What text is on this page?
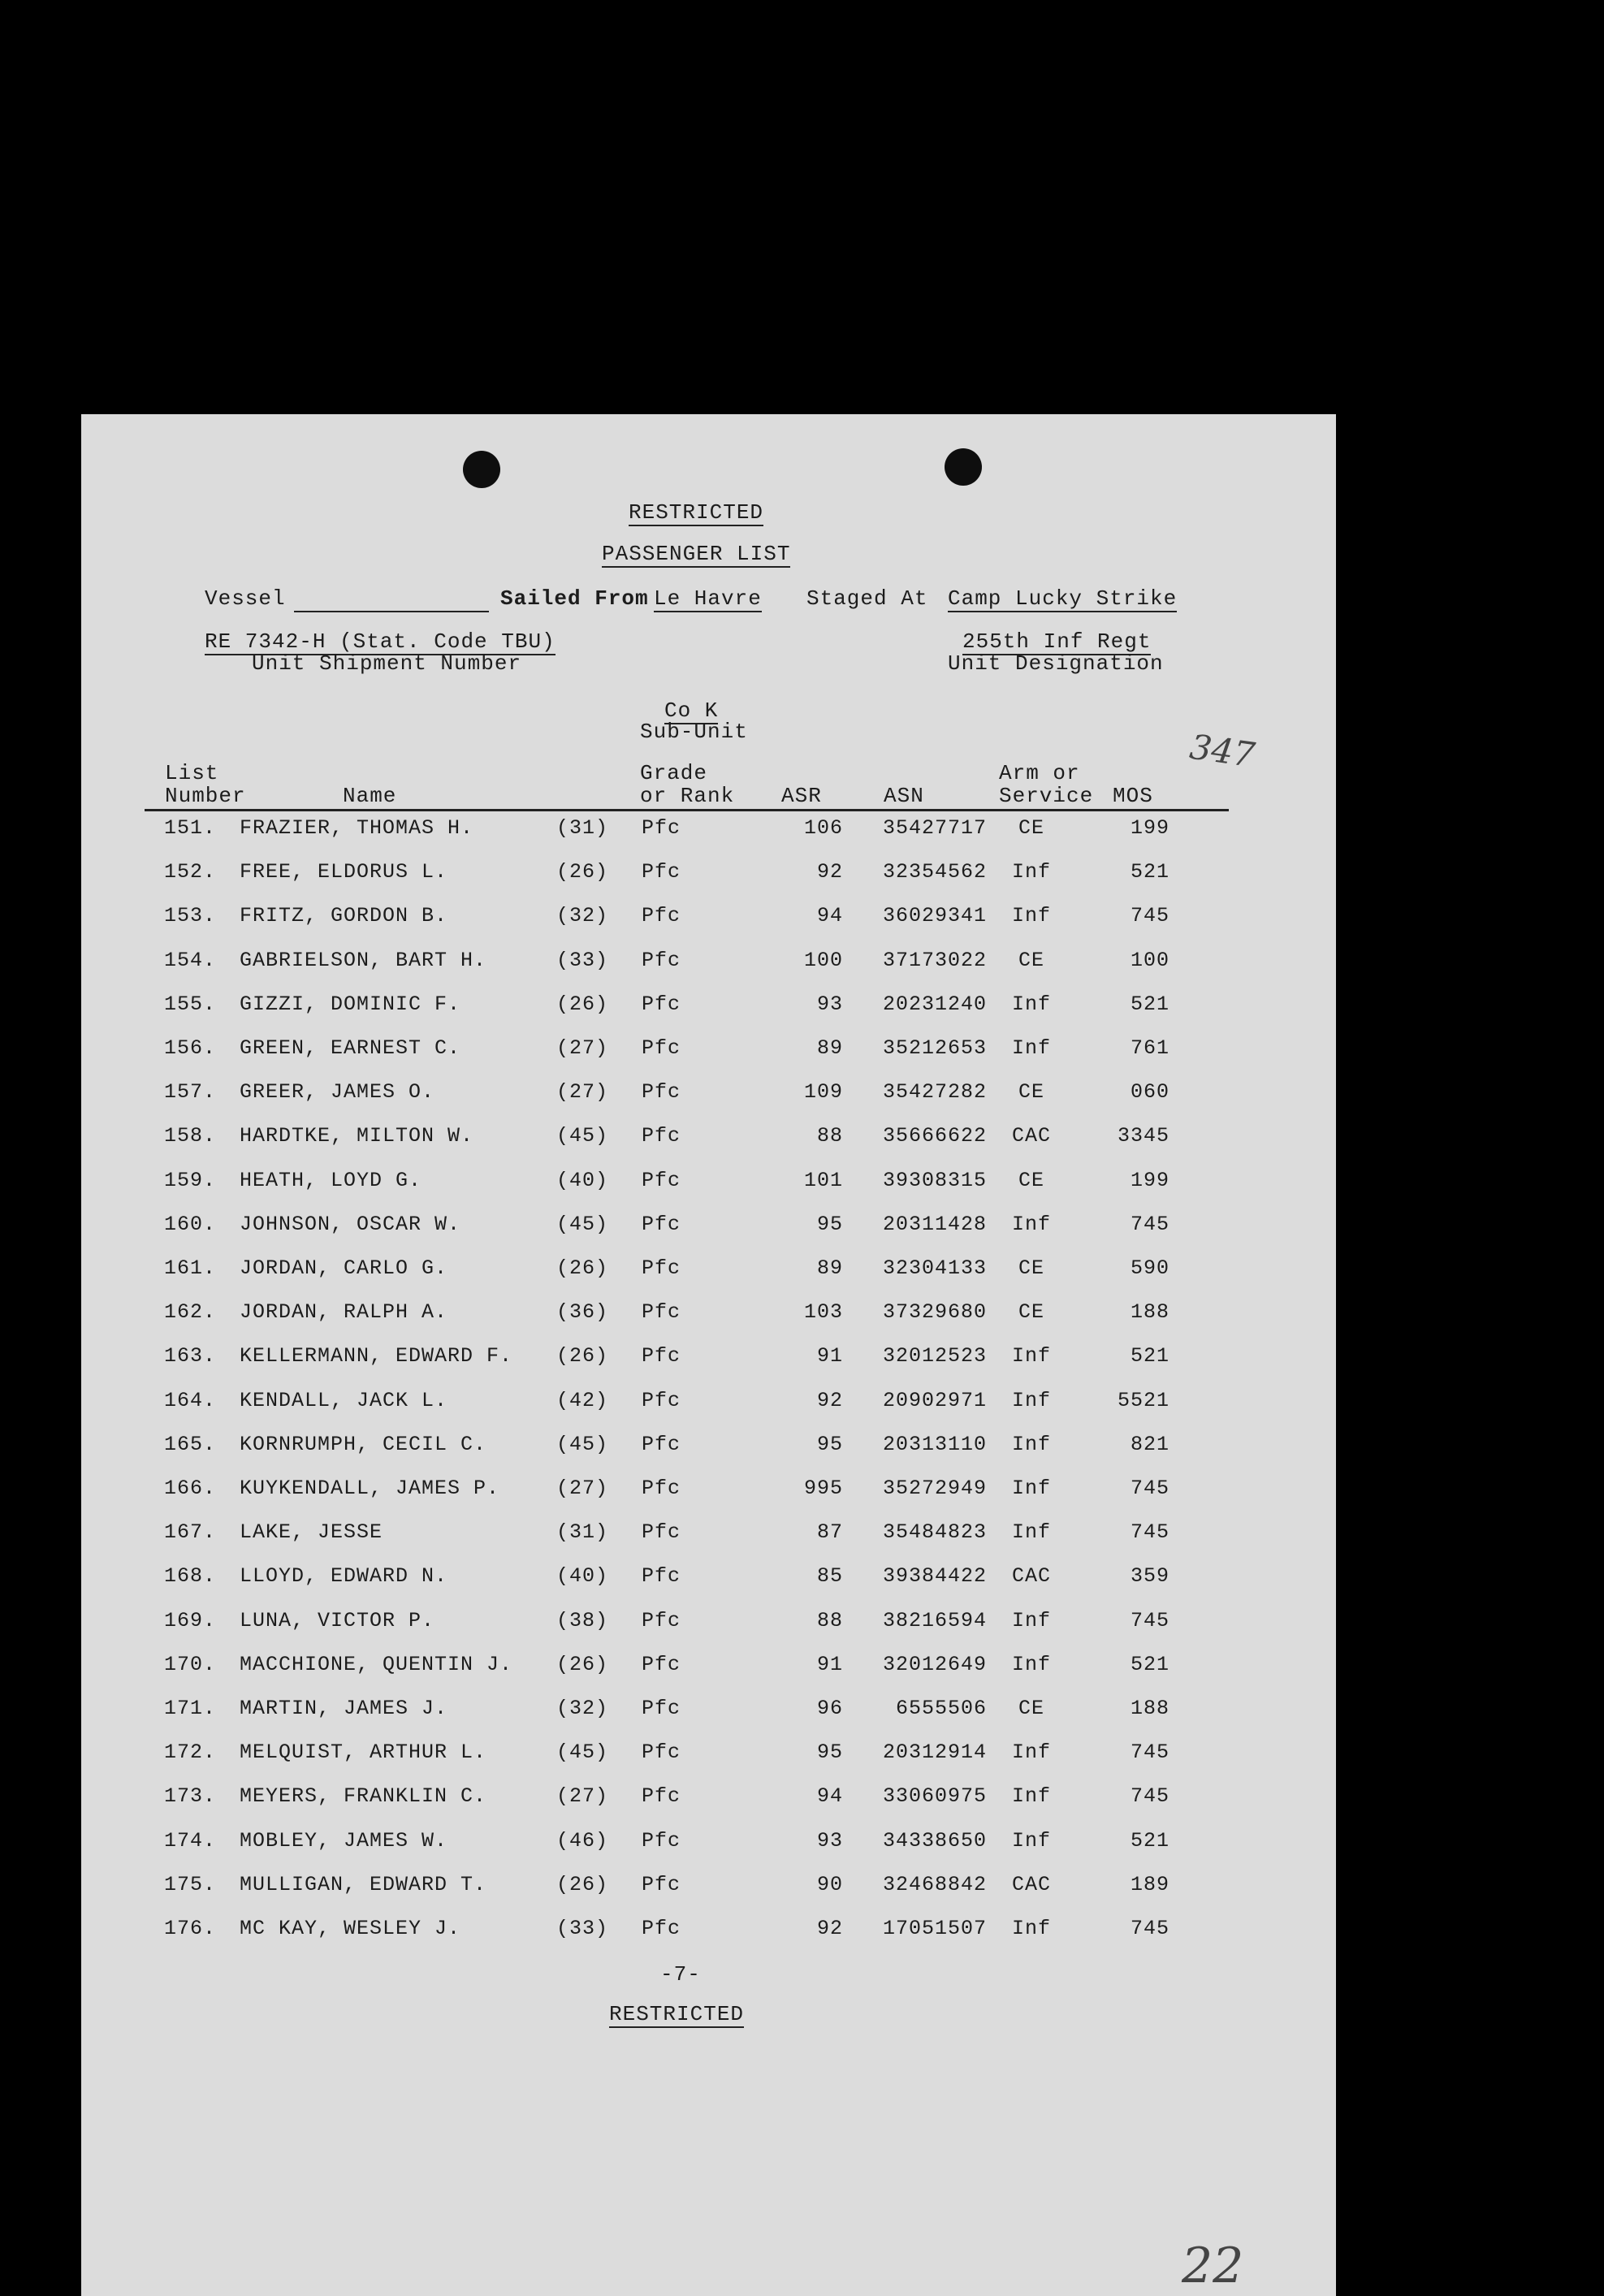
RESTRICTED
PASSENGER LIST
Vessel	Sailed From Le Havre Staged At Camp Lucky Strike
RE 7342-H (Stat. Code TBU)
Unit Shipment Number
255th Inf Regt
Unit Designation
Co K
Sub-Unit	347
List
Number	Name
Grade
or Rank ASR	ASN
Arm or
Service MOS
151. FRAZIER, THOMAS H.	(31)	Pfc	106	35427717	CE	199
152. FREE, ELDORUS L.	(26)	Pfc	92	32354562	Inf	521
153. FRITZ, GORDON B.	(32)	Pfc	94	36029341	Inf	745
154. GABRIELSON, BART H.	(33)	Pfc	100	37173022	CE	100
155. GIZZI, DOMINIC F.	(26)	Pfc	93	20231240	Inf	521
156. GREEN, EARNEST C.	(27)	Pfc	89	35212653	Inf	761
157. GREER, JAMES O.	(27)	Pfc	109	35427282	CE	060
158. HARDTKE, MILTON W.	(45)	Pfc	88	35666622	CAC	3345
159. HEATH, LOYD G.	(40)	Pfc	101	39308315	CE	199
160. JOHNSON, OSCAR W.	(45)	Pfc	95	20311428	Inf	745
161. JORDAN, CARLO G.	(26)	Pfc	89	32304133	CE	590
162. JORDAN, RALPH A.	(36)	Pfc	103	37329680	CE	188
163. KELLERMANN, EDWARD F.	(26)	Pfc	91	32012523	Inf	521
164. KENDALL, JACK L.	(42)	Pfc	92	20902971	Inf	5521
165. KORNRUMPH, CECIL C.	(45)	Pfc	95	20313110	Inf	821
166. KUYKENDALL, JAMES P.	(27)	Pfc	995	35272949	Inf	745
167. LAKE, JESSE	(31)	Pfc	87	35484823	Inf	745
168. LLOYD, EDWARD N.	(40)	Pfc	85	39384422	CAC	359
169. LUNA, VICTOR P.	(38)	Pfc	88	38216594	Inf	745
170. MACCHIONE, QUENTIN J.	(26)	Pfc	91	32012649	Inf	521
171. MARTIN, JAMES J.	(32)	Pfc	96	6555506	CE	188
172. MELQUIST, ARTHUR L.	(45)	Pfc	95	20312914	Inf	745
173. MEYERS, FRANKLIN C.	(27)	Pfc	94	33060975	Inf	745
174. MOBLEY, JAMES W.	(46)	Pfc	93	34338650	Inf	521
175. MULLIGAN, EDWARD T.	(26)	Pfc	90	32468842	CAC	189
176. MC KAY, WESLEY J.	(33)	Pfc	92	17051507	Inf	745
-7-
RESTRICTED
22
